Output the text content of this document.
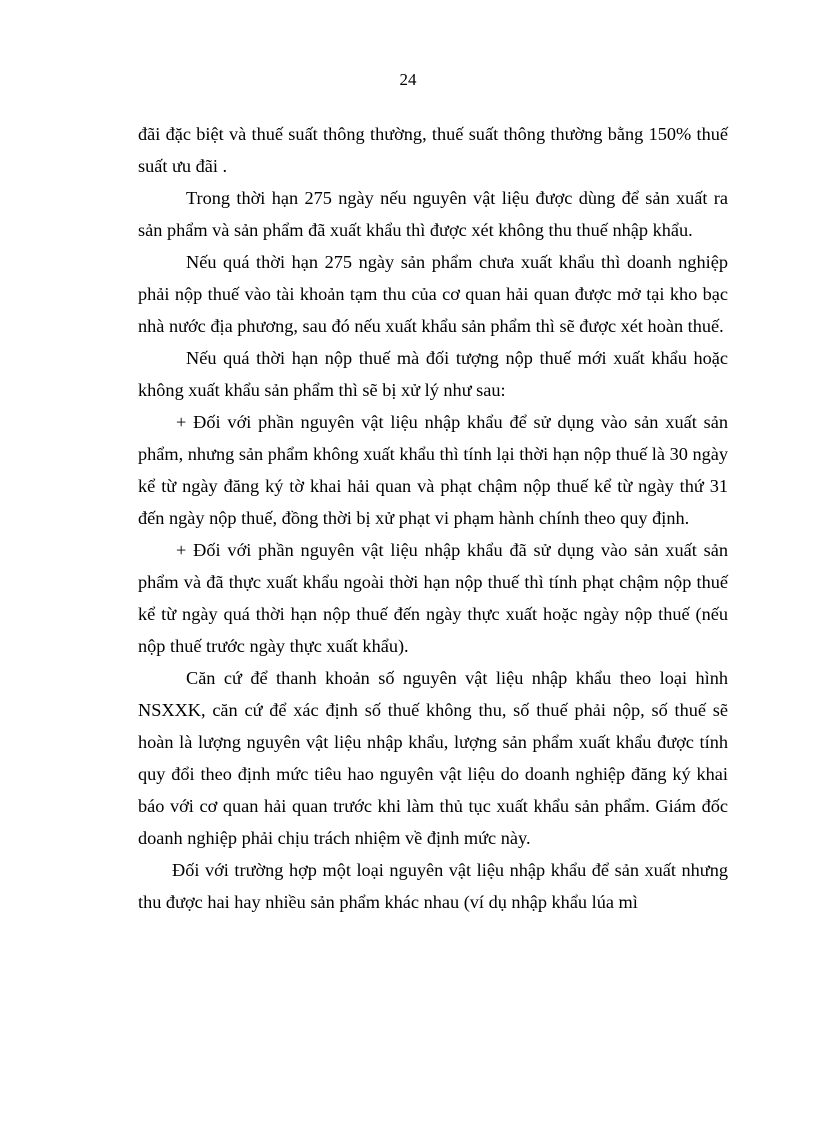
24

đãi đặc biệt và thuế suất thông thường, thuế suất thông thường bằng 150% thuế suất ưu đãi .

Trong thời hạn 275 ngày nếu nguyên vật liệu được dùng để sản xuất ra sản phẩm và sản phẩm đã xuất khẩu thì được xét không thu thuế nhập khẩu.

Nếu quá thời hạn 275 ngày sản phẩm chưa xuất khẩu thì doanh nghiệp phải nộp thuế vào tài khoản tạm thu của cơ quan hải quan được mở tại kho bạc nhà nước địa phương, sau đó nếu xuất khẩu sản phẩm thì sẽ được xét hoàn thuế.

Nếu quá thời hạn nộp thuế mà đối tượng nộp thuế mới xuất khẩu hoặc không xuất khẩu sản phẩm thì sẽ bị xử lý như sau:

+ Đối với phần nguyên vật liệu nhập khẩu để sử dụng vào sản xuất sản phẩm, nhưng sản phẩm không xuất khẩu thì tính lại thời hạn nộp thuế là 30 ngày kể từ ngày đăng ký tờ khai hải quan và phạt chậm nộp thuế kể từ ngày thứ 31 đến ngày nộp thuế, đồng thời bị xử phạt vi phạm hành chính theo quy định.

+ Đối với phần nguyên vật liệu nhập khẩu đã sử dụng vào sản xuất sản phẩm và đã thực xuất khẩu ngoài thời hạn nộp thuế thì tính phạt chậm nộp thuế kể từ ngày quá thời hạn nộp thuế đến ngày thực xuất hoặc ngày nộp thuế (nếu nộp thuế trước ngày thực xuất khẩu).

Căn cứ để thanh khoản số nguyên vật liệu nhập khẩu theo loại hình NSXXK, căn cứ để xác định số thuế không thu, số thuế phải nộp, số thuế sẽ hoàn là lượng nguyên vật liệu nhập khẩu, lượng sản phẩm xuất khẩu được tính quy đổi theo định mức tiêu hao nguyên vật liệu do doanh nghiệp đăng ký khai báo với cơ quan hải quan trước khi làm thủ tục xuất khẩu sản phẩm. Giám đốc doanh nghiệp phải chịu trách nhiệm về định mức này.

Đối với trường hợp một loại nguyên vật liệu nhập khẩu để sản xuất nhưng thu được hai hay nhiều sản phẩm khác nhau (ví dụ nhập khẩu lúa mì
